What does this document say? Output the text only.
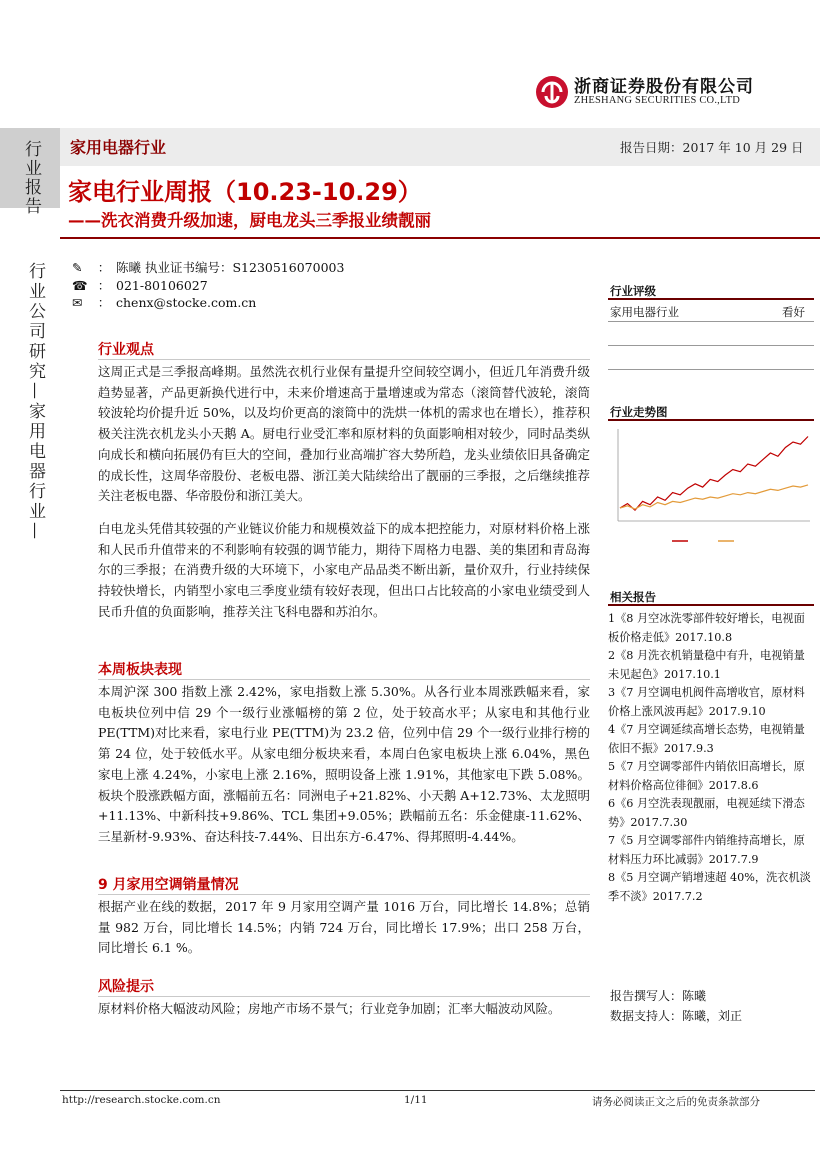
浙商证券股份有限公司
ZHESHANG SECURITIES CO.,LTD
行业报告
行业公司研究—家用电器行业—
家用电器行业	报告日期：2017 年 10 月 29 日
家电行业周报（10.23-10.29）
——洗衣消费升级加速，厨电龙头三季报业绩靓丽
✎ ： 陈曦 执业证书编号：S1230516070003
☎ ： 021-80106027
✉ ： chenx@stocke.com.cn
行业观点
这周正式是三季报高峰期。虽然洗衣机行业保有量提升空间较空调小，但近几年消费升级趋势显著，产品更新换代进行中，未来价增速高于量增速或为常态（滚筒替代波轮，滚筒较波轮均价提升近 50%，以及均价更高的滚筒中的洗烘一体机的需求也在增长），推荐积极关注洗衣机龙头小天鹅 A。厨电行业受汇率和原材料的负面影响相对较少，同时品类纵向成长和横向拓展仍有巨大的空间，叠加行业高端扩容大势所趋，龙头业绩依旧具备确定的成长性，这周华帝股份、老板电器、浙江美大陆续给出了靓丽的三季报，之后继续推荐关注老板电器、华帝股份和浙江美大。
白电龙头凭借其较强的产业链议价能力和规模效益下的成本把控能力，对原材料价格上涨和人民币升值带来的不利影响有较强的调节能力，期待下周格力电器、美的集团和青岛海尔的三季报；在消费升级的大环境下，小家电产品品类不断出新，量价双升，行业持续保持较快增长，内销型小家电三季度业绩有较好表现，但出口占比较高的小家电业绩受到人民币升值的负面影响，推荐关注飞科电器和苏泊尔。
本周板块表现
本周沪深 300 指数上涨 2.42%，家电指数上涨 5.30%。从各行业本周涨跌幅来看，家电板块位列中信 29 个一级行业涨幅榜的第 2 位，处于较高水平；从家电和其他行业 PE(TTM)对比来看，家电行业 PE(TTM)为 23.2 倍，位列中信 29 个一级行业排行榜的第 24 位，处于较低水平。从家电细分板块来看，本周白色家电板块上涨 6.04%，黑色家电上涨 4.24%，小家电上涨 2.16%，照明设备上涨 1.91%，其他家电下跌 5.08%。板块个股涨跌幅方面，涨幅前五名：同洲电子+21.82%、小天鹅 A+12.73%、太龙照明+11.13%、中新科技+9.86%、TCL 集团+9.05%；跌幅前五名：乐金健康-11.62%、三星新材-9.93%、奋达科技-7.44%、日出东方-6.47%、得邦照明-4.44%。
9 月家用空调销量情况
根据产业在线的数据，2017 年 9 月家用空调产量 1016 万台，同比增长 14.8%；总销量 982 万台，同比增长 14.5%；内销 724 万台，同比增长 17.9%；出口 258 万台，同比增长 6.1 %。
风险提示
原材料价格大幅波动风险；房地产市场不景气；行业竞争加剧；汇率大幅波动风险。
行业评级
家用电器行业	看好
行业走势图
相关报告
1《8 月空冰洗零部件较好增长，电视面板价格走低》2017.10.8
2《8 月洗衣机销量稳中有升，电视销量未见起色》2017.10.1
3《7 月空调电机阀件高增收官，原材料价格上涨风波再起》2017.9.10
4《7 月空调延续高增长态势，电视销量依旧不振》2017.9.3
5《7 月空调零部件内销依旧高增长，原材料价格高位徘徊》2017.8.6
6《6 月空洗表现靓丽，电视延续下滑态势》2017.7.30
7《5 月空调零部件内销维持高增长，原材料压力环比减弱》2017.7.9
8《5 月空调产销增速超 40%，洗衣机淡季不淡》2017.7.2
报告撰写人：陈曦
数据支持人：陈曦，刘正
http://research.stocke.com.cn	1/11	请务必阅读正文之后的免责条款部分
